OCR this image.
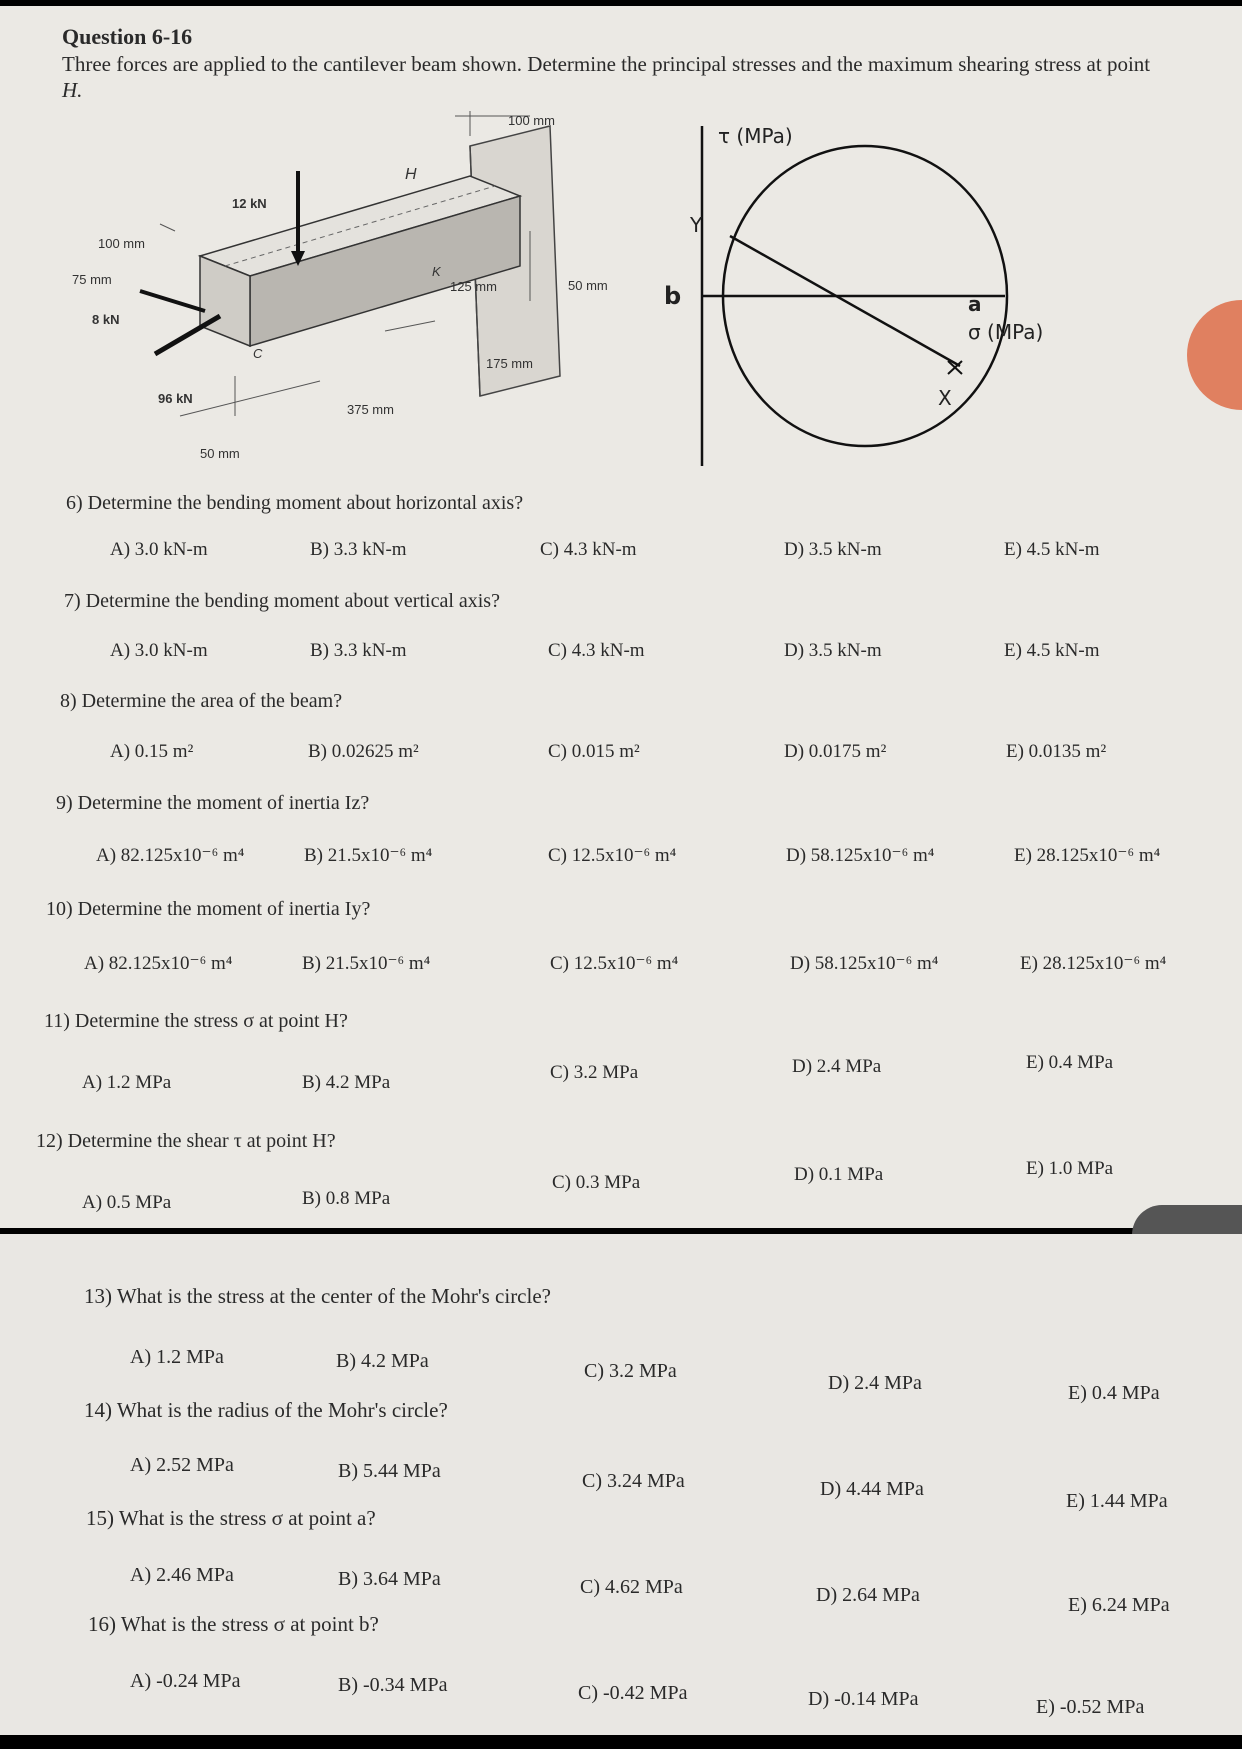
Question 6-16
Three forces are applied to the cantilever beam shown. Determine the principal stresses and the maximum shearing stress at point
H.
100 mm
H
12 kN
100 mm
75 mm
8 kN
K
C
125 mm	50 mm
175 mm
96 kN
375 mm
50 mm
τ (MPa)
σ (MPa)
Y
X
b	a
6) Determine the bending moment about horizontal axis?
A) 3.0 kN-m	B) 3.3 kN-m	C) 4.3 kN-m	D) 3.5 kN-m	E) 4.5 kN-m
7) Determine the bending moment about vertical axis?
A) 3.0 kN-m	B) 3.3 kN-m	C) 4.3 kN-m	D) 3.5 kN-m	E) 4.5 kN-m
8) Determine the area of the beam?
A) 0.15 m²	B) 0.02625 m²	C) 0.015 m²	D) 0.0175 m²	E) 0.0135 m²
9) Determine the moment of inertia Iz?
A) 82.125x10⁻⁶ m⁴	B) 21.5x10⁻⁶ m⁴	C) 12.5x10⁻⁶ m⁴	D) 58.125x10⁻⁶ m⁴	E) 28.125x10⁻⁶ m⁴
10) Determine the moment of inertia Iy?
A) 82.125x10⁻⁶ m⁴	B) 21.5x10⁻⁶ m⁴	C) 12.5x10⁻⁶ m⁴	D) 58.125x10⁻⁶ m⁴	E) 28.125x10⁻⁶ m⁴
11) Determine the stress σ at point H?
A) 1.2 MPa	B) 4.2 MPa	C) 3.2 MPa	D) 2.4 MPa	E) 0.4 MPa
12) Determine the shear τ at point H?
A) 0.5 MPa	B) 0.8 MPa
C) 0.3 MPa	D) 0.1 MPa	E) 1.0 MPa
13) What is the stress at the center of the Mohr's circle?
A) 1.2 MPa	B) 4.2 MPa	C) 3.2 MPa
D) 2.4 MPa	E) 0.4 MPa
14) What is the radius of the Mohr's circle?
A) 2.52 MPa	B) 5.44 MPa	C) 3.24 MPa	D) 4.44 MPa
E) 1.44 MPa
15) What is the stress σ at point a?
A) 2.46 MPa	B) 3.64 MPa	C) 4.62 MPa	D) 2.64 MPa	E) 6.24 MPa
16) What is the stress σ at point b?
A) -0.24 MPa	B) -0.34 MPa	C) -0.42 MPa	D) -0.14 MPa	E) -0.52 MPa
